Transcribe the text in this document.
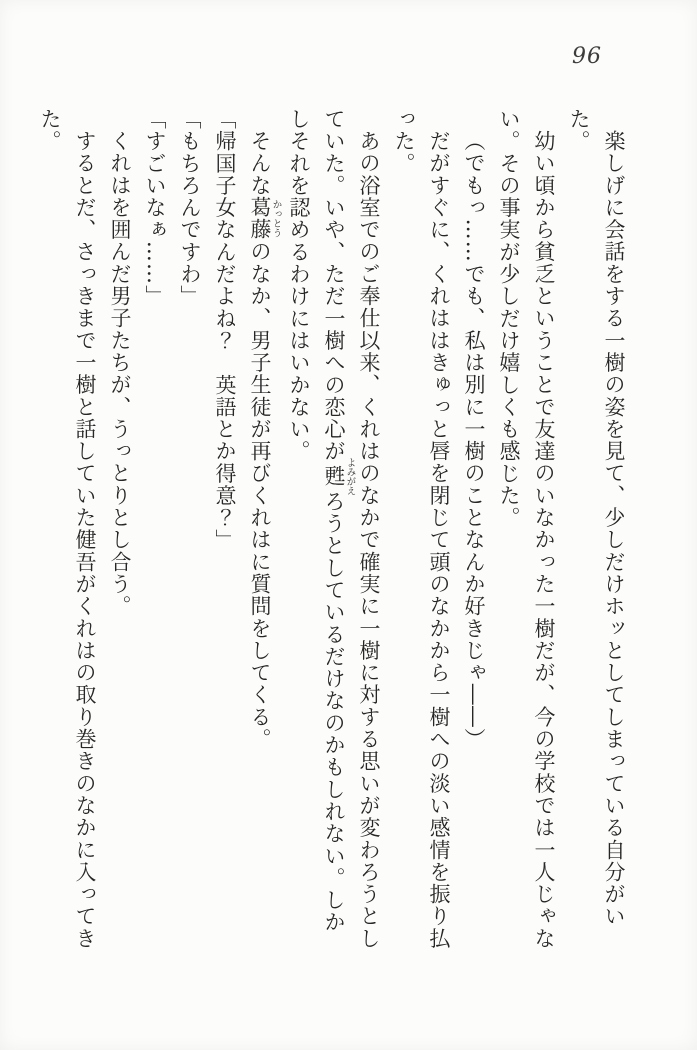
96

楽しげに会話をする一樹の姿を見て、少しだけホッとしてしまっている自分がいた。

幼い頃から貧乏ということで友達のいなかった一樹だが、今の学校では一人じゃない。その事実が少しだけ嬉しくも感じた。

（でもっ……でも、私は別に一樹のことなんか好きじゃ――）

だがすぐに、くれははきゅっと唇を閉じて頭のなかから一樹への淡い感情を振り払った。

あの浴室でのご奉仕以来、くれはのなかで確実に一樹に対する思いが変わろうとしていた。いや、ただ一樹への恋心が甦よみがえろうとしているだけなのかもしれない。しかしそれを認めるわけにはいかない。

そんな葛藤かっとうのなか、男子生徒が再びくれはに質問をしてくる。

「帰国子女なんだよね？　英語とか得意？」

「もちろんですわ」

「すごいなぁ……」

くれはを囲んだ男子たちが、うっとりとし合う。

するとだ、さっきまで一樹と話していた健吾がくれはの取り巻きのなかに入ってきた。
